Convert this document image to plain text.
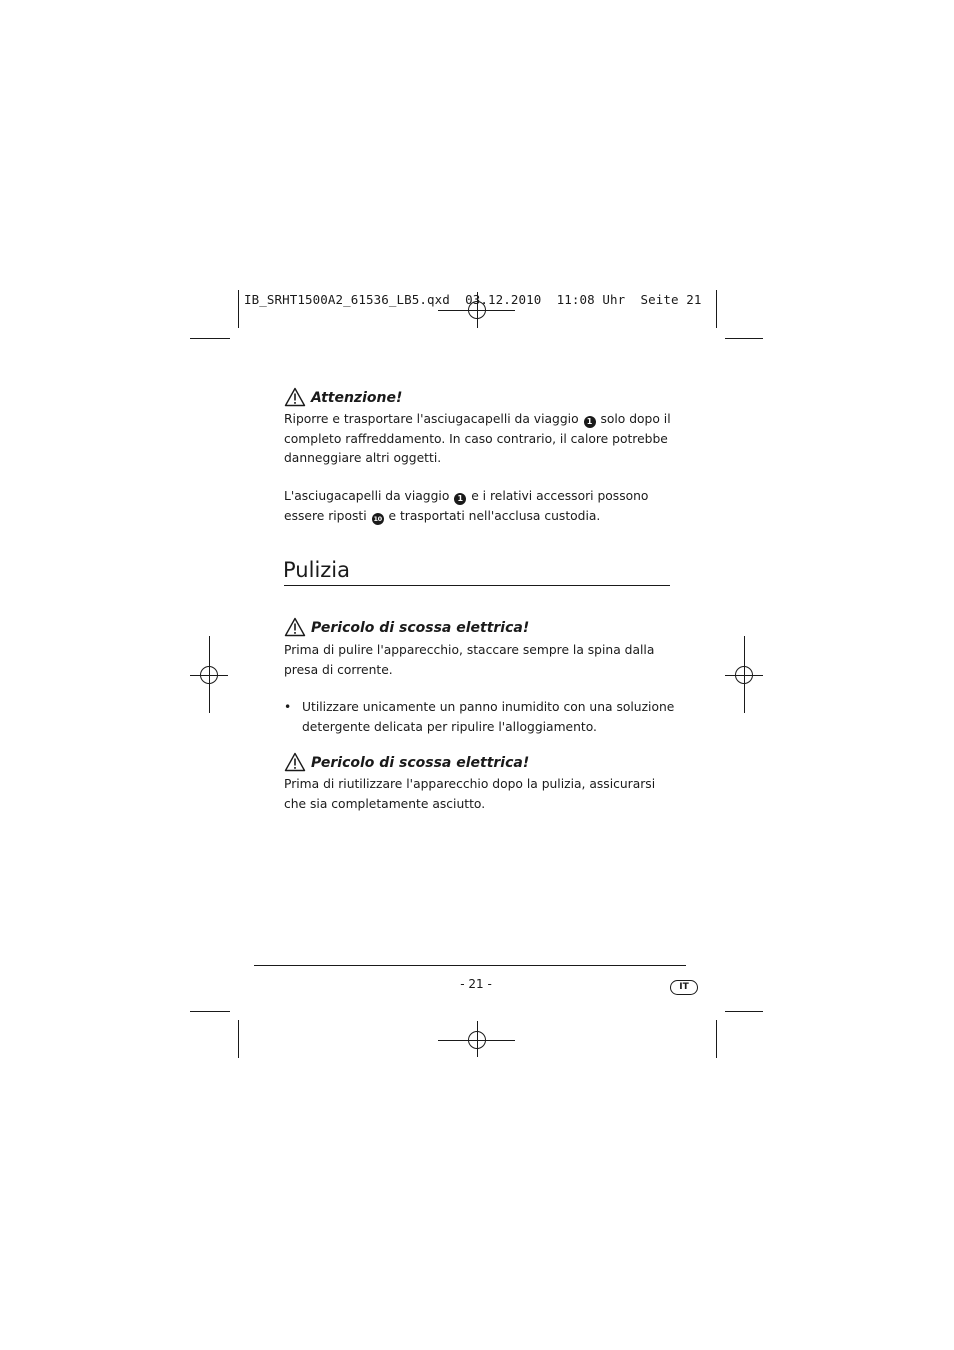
IB_SRHT1500A2_61536_LB5.qxd  03.12.2010  11:08 Uhr  Seite 21
Attenzione!
Riporre e trasportare l'asciugacapelli da viaggio 1 solo dopo il completo raffreddamento. In caso contrario, il calore potrebbe danneggiare altri oggetti.
L'asciugacapelli da viaggio 1 e i relativi accessori possono essere riposti 10 e trasportati nell'acclusa custodia.
Pulizia
Pericolo di scossa elettrica!
Prima di pulire l'apparecchio, staccare sempre la spina dalla presa di corrente.
• Utilizzare unicamente un panno inumidito con una soluzione detergente delicata per ripulire l'alloggiamento.
Pericolo di scossa elettrica!
Prima di riutilizzare l'apparecchio dopo la pulizia, assicurarsi che sia completamente asciutto.
- 21 -	IT
